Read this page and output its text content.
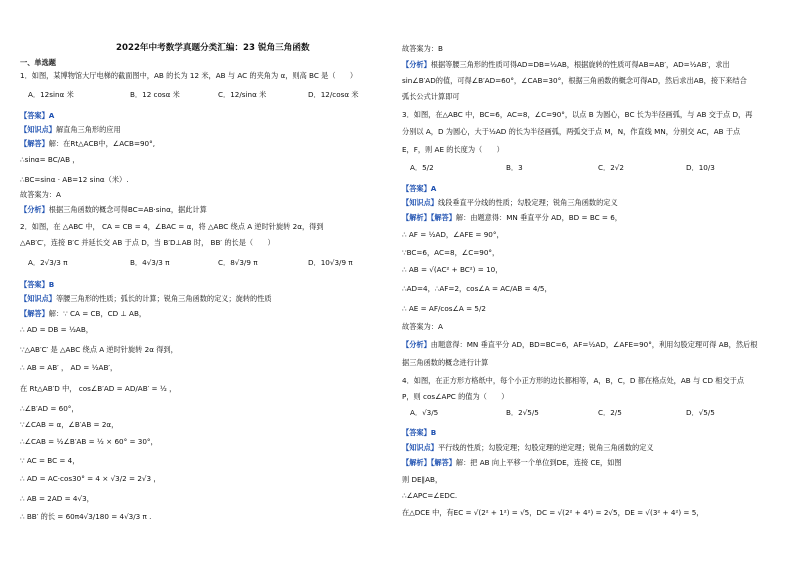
2022年中考数学真题分类汇编：23 锐角三角函数
一、单选题
1．如图，某博物馆大厅电梯的截面图中，AB 的长为 12 米，AB 与 AC 的夹角为 α，则高 BC 是（　　）
A．12sinα 米	B．12 cosα 米	C．12/sinα 米	D．12/cosα 米
【答案】A
【知识点】解直角三角形的应用
【解答】解：在Rt△ACB中，∠ACB=90°,
∴sinα= BC/AB ，
∴BC=sinα · AB=12 sinα（米）.
故答案为：A
【分析】根据三角函数的概念可得BC=AB·sinα，据此计算
2．如图，在 △ABC 中， CA = CB = 4，∠BAC = α，将 △ABC 绕点 A 逆时针旋转 2α，得到
△AB′C′，连接 B′C 并延长交 AB 于点 D，当 B′D⊥AB 时， BB′ 的长是（　　）
A．2√3/3 π	B．4√3/3 π	C．8√3/9 π	D．10√3/9 π
【答案】B
【知识点】等腰三角形的性质；弧长的计算；锐角三角函数的定义；旋转的性质
【解答】解：∵ CA = CB，CD ⊥ AB，
∴ AD = DB = ½AB，
∵△AB′C′ 是 △ABC 绕点 A 逆时针旋转 2α 得到，
∴ AB = AB′ ， AD = ½AB′，
在 Rt△AB′D 中， cos∠B′AD = AD/AB′ = ½ ，
∴∠B′AD = 60°，
∵∠CAB = α，∠B′AB = 2α，
∴∠CAB = ½∠B′AB = ½ × 60° = 30°，
∵ AC = BC = 4，
∴ AD = AC·cos30° = 4 × √3/2 = 2√3 ，
∴ AB = 2AD = 4√3，
∴ BB′ 的长 = 60π4√3/180 = 4√3/3 π .
故答案为：B
【分析】根据等腰三角形的性质可得AD=DB=½AB，根据旋转的性质可得AB=AB′，AD=½AB′，求出
sin∠B′AD的值，可得∠B′AD=60°，∠CAB=30°，根据三角函数的概念可得AD，然后求出AB，接下来结合
弧长公式计算即可
3．如图，在△ABC 中，BC=6，AC=8，∠C=90°，以点 B 为圆心，BC 长为半径画弧，与 AB 交于点 D，再
分别以 A，D 为圆心，大于½AD 的长为半径画弧，两弧交于点 M，N，作直线 MN，分别交 AC，AB 于点
E，F，则 AE 的长度为（　　）
A．5/2	B．3	C．2√2	D．10/3
【答案】A
【知识点】线段垂直平分线的性质；勾股定理；锐角三角函数的定义
【解析】【解答】解：由题意得：MN 垂直平分 AD，BD = BC = 6，
∴ AF = ½AD，∠AFE = 90°，
∵BC=6，AC=8，∠C=90°，
∴ AB = √(AC² + BC²) = 10，
∴AD=4，∴AF=2，cos∠A = AC/AB = 4/5，
∴ AE = AF/cos∠A = 5/2
故答案为：A
【分析】由题意得：MN 垂直平分 AD，BD=BC=6，AF=½AD，∠AFE=90°，利用勾股定理可得 AB，然后根
据三角函数的概念进行计算
4．如图，在正方形方格纸中，每个小正方形的边长都相等，A，B，C，D 都在格点处，AB 与 CD 相交于点
P，则 cos∠APC 的值为（　　）
A．√3/5	B．2√5/5	C．2/5	D．√5/5
【答案】B
【知识点】平行线的性质；勾股定理；勾股定理的逆定理；锐角三角函数的定义
【解析】【解答】解：把 AB 向上平移一个单位到DE，连接 CE，如图
则 DE∥AB，
∴∠APC=∠EDC.
在△DCE 中，有EC = √(2² + 1²) = √5，DC = √(2² + 4²) = 2√5，DE = √(3² + 4²) = 5，
